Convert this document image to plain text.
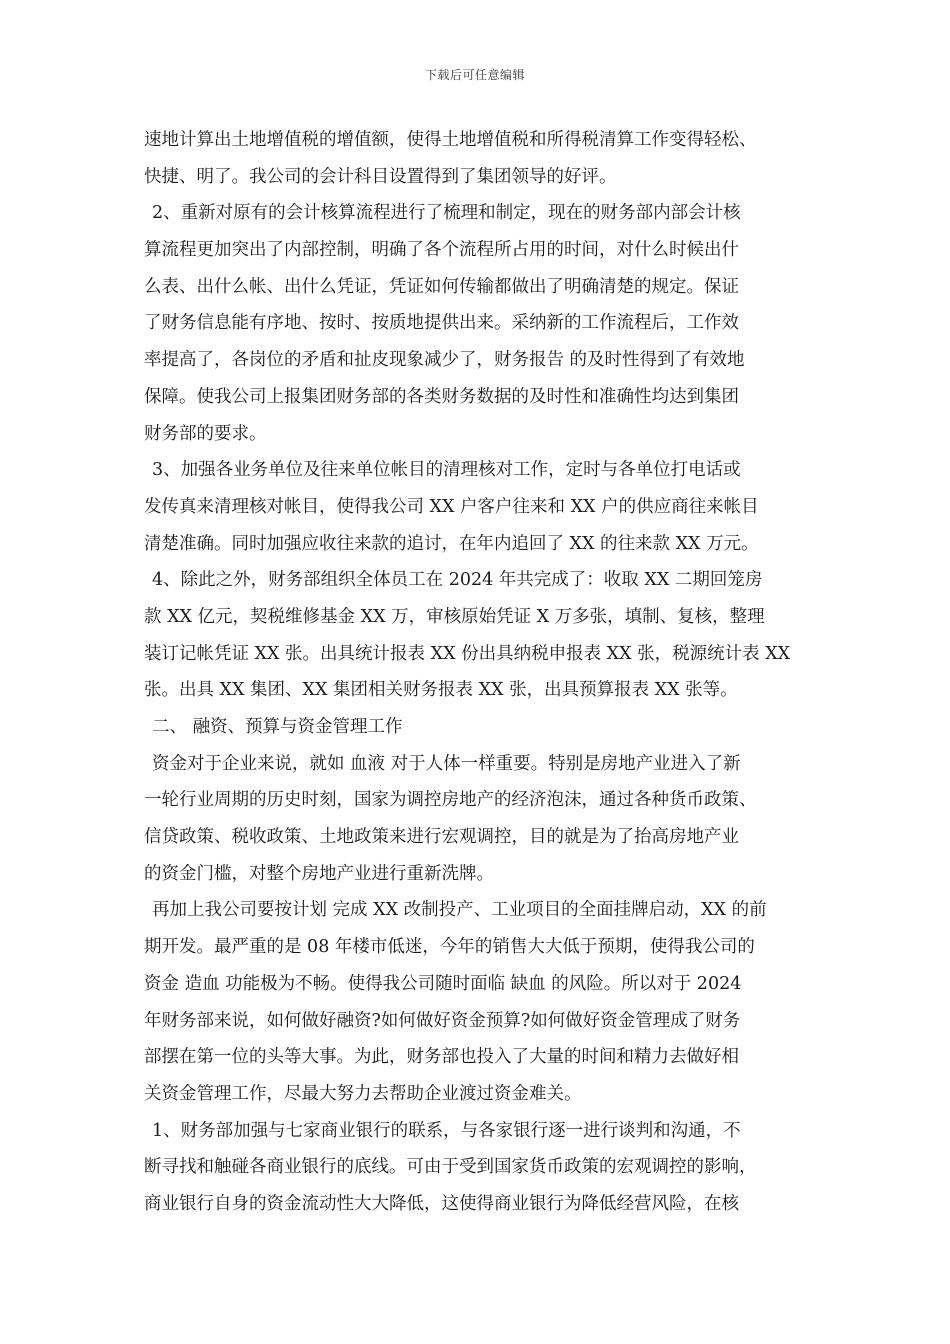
下载后可任意编辑
速地计算出土地增值税的增值额，使得土地增值税和所得税清算工作变得轻松、
快捷、明了。我公司的会计科目设置得到了集团领导的好评。
2、重新对原有的会计核算流程进行了梳理和制定，现在的财务部内部会计核
算流程更加突出了内部控制，明确了各个流程所占用的时间，对什么时候出什
么表、出什么帐、出什么凭证，凭证如何传输都做出了明确清楚的规定。保证
了财务信息能有序地、按时、按质地提供出来。采纳新的工作流程后，工作效
率提高了，各岗位的矛盾和扯皮现象减少了，财务报告 的及时性得到了有效地
保障。使我公司上报集团财务部的各类财务数据的及时性和准确性均达到集团
财务部的要求。
3、加强各业务单位及往来单位帐目的清理核对工作，定时与各单位打电话或
发传真来清理核对帐目，使得我公司 XX 户客户往来和 XX 户的供应商往来帐目
清楚准确。同时加强应收往来款的追讨，在年内追回了 XX 的往来款 XX 万元。
4、除此之外，财务部组织全体员工在 2024 年共完成了：收取 XX 二期回笼房
款 XX 亿元，契税维修基金 XX 万，审核原始凭证 X 万多张，填制、复核，整理
装订记帐凭证 XX 张。出具统计报表 XX 份出具纳税申报表 XX 张，税源统计表 XX
张。出具 XX 集团、XX 集团相关财务报表 XX 张，出具预算报表 XX 张等。
二、 融资、预算与资金管理工作
资金对于企业来说，就如 血液 对于人体一样重要。特别是房地产业进入了新
一轮行业周期的历史时刻，国家为调控房地产的经济泡沫，通过各种货币政策、
信贷政策、税收政策、土地政策来进行宏观调控，目的就是为了抬高房地产业
的资金门槛，对整个房地产业进行重新洗牌。
再加上我公司要按计划 完成 XX 改制投产、工业项目的全面挂牌启动，XX 的前
期开发。最严重的是 08 年楼市低迷，今年的销售大大低于预期，使得我公司的
资金 造血 功能极为不畅。使得我公司随时面临 缺血 的风险。所以对于 2024
年财务部来说，如何做好融资?如何做好资金预算?如何做好资金管理成了财务
部摆在第一位的头等大事。为此，财务部也投入了大量的时间和精力去做好相
关资金管理工作，尽最大努力去帮助企业渡过资金难关。
1、财务部加强与七家商业银行的联系，与各家银行逐一进行谈判和沟通，不
断寻找和触碰各商业银行的底线。可由于受到国家货币政策的宏观调控的影响，
商业银行自身的资金流动性大大降低，这使得商业银行为降低经营风险，在核
